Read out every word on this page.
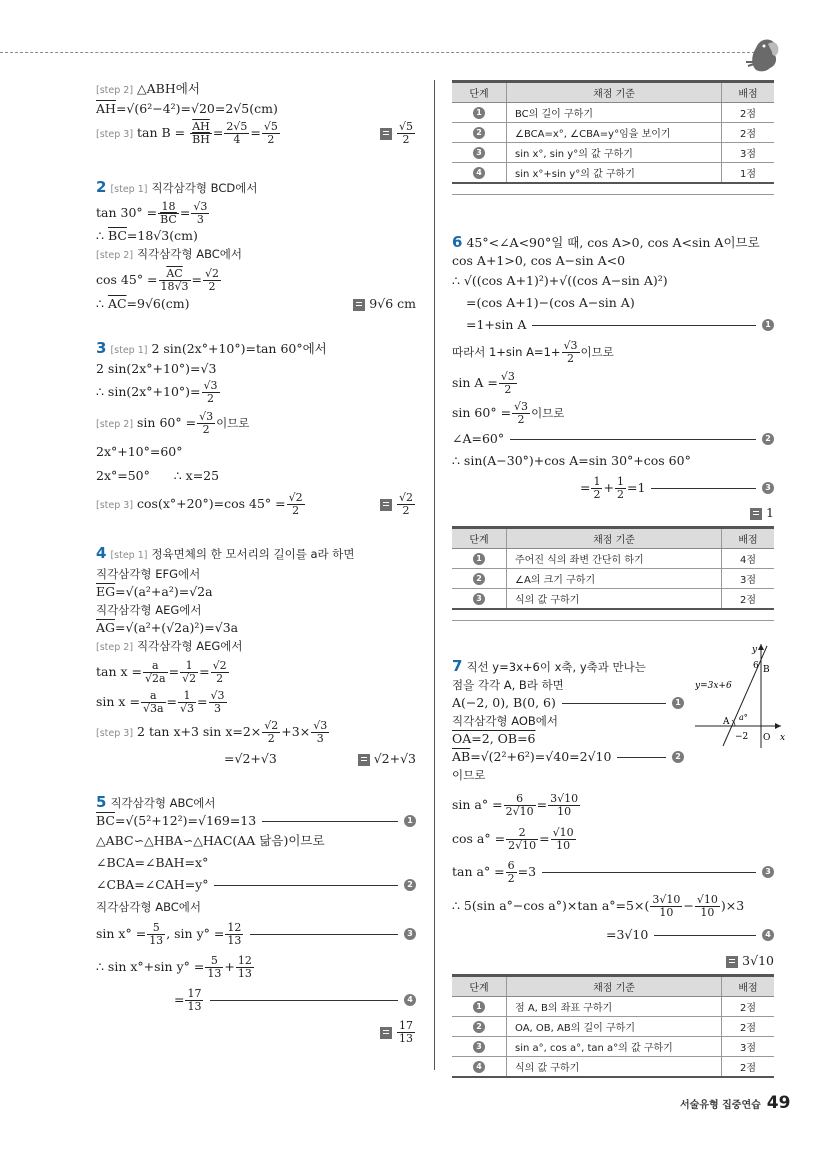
[step 2] △ABH에서
$\overline{AH}=√(6^2-4^2)=√20=2√5(cm)$
[step 3] $\tan B = \frac{\overline{AH}}{BH} = \frac{2√5}{4} = \frac{√5}{2}$	$\frac{√5}{2}$
2 [step 1] 직각삼각형 BCD에서
$\tan 30^\circ = \frac{18}{BC} = \frac{√3}{3}$
∴ $\overline{BC}=18√3(cm)$
[step 2] 직각삼각형 ABC에서
$\cos 45^\circ = \frac{\overline{AC}}{18√3} = \frac{√2}{2}$
∴ $\overline{AC}=9√6(cm)$	9√6 cm
3 [step 1] 2 sin(2x°+10°)=tan 60°에서
2 sin(2x°+10°)=√3
∴ $\sin(2x^\circ+10^\circ)= \frac{√3}{2}$
[step 2] $\sin 60^\circ = \frac{√3}{2}$ 이므로
2x°+10°=60°
2x°=50°      ∴ x=25
[step 3] cos(x°+20°)=cos $45^\circ = \frac{√2}{2}$	$\frac{√2}{2}$
4 [step 1] 정육면체의 한 모서리의 길이를 a라 하면
직각삼각형 EFG에서
$\overline{EG}=√(a^2+a^2)=√2a$
직각삼각형 AEG에서
$\overline{AG}=√(a^2+(√2a)^2)=√3a$
[step 2] 직각삼각형 AEG에서
$\tan x = \frac{a}{√2a} = \frac{1}{√2} = \frac{√2}{2}$
$\sin x = \frac{a}{√3a} = \frac{1}{√3} = \frac{√3}{3}$
[step 3] 2 tan x+3 $\sin x=2\times \frac{√2}{2} +3\times \frac{√3}{3}$
=√2+√3	√2+√3
5 직각삼각형 ABC에서
$\overline{BC}=√(5^2+12^2)=√169=13$	1
△ABC∽△HBA∽△HAC(AA 닮음)이므로
∠BCA=∠BAH=x°
∠CBA=∠CAH=y°	2
직각삼각형 ABC에서
$\sin x^\circ = \frac{5}{13}$ , $\sin y^\circ = \frac{12}{13}$	3
∴ sin x°+sin $y^\circ = \frac{5}{13} + \frac{12}{13}$
= $\frac{17}{13}$	4
$\frac{17}{13}$
단계	채점 기준	배점
1	BC의 길이 구하기	2점
2	∠BCA=x°, ∠CBA=y°임을 보이기	2점
3	sin x°, sin y°의 값 구하기	3점
4	sin x°+sin y°의 값 구하기	1점
6 45°<∠A<90°일 때, cos A>0, cos A<sin A이므로
cos A+1>0, cos A−sin A<0
∴ √((cos A+1)²)+√((cos A−sin A)²)
=(cos A+1)−(cos A−sin A)
=1+sin A	1
따라서 1+sin $A=1+ \frac{√3}{2}$ 이므로
$\sin A = \frac{√3}{2}$
$\sin 60^\circ = \frac{√3}{2}$ 이므로
∠A=60°	2
∴ sin(A−30°)+cos A=sin 30°+cos 60°
= $\frac{1}{2} + \frac{1}{2} =1$	3
1
단계	채점 기준	배점
1	주어진 식의 좌변 간단히 하기	4점
2	∠A의 크기 구하기	3점
3	식의 값 구하기	2점
7 직선 y=3x+6이 x축, y축과 만나는
점을 각각 A, B라 하면
A(−2, 0), B(0, 6)	1
직각삼각형 AOB에서
OA=2, OB=6
$\overline{AB}=√(2^2+6^2)=√40=2√10$	2
이므로
$\sin a^\circ = \frac{6}{2√10} = \frac{3√10}{10}$
$\cos a^\circ = \frac{2}{2√10} = \frac{√10}{10}$
$\tan a^\circ = \frac{6}{2} =3$	3
∴ 5(sin a°−cos a°)×tan $a^\circ=5\times( \frac{3√10}{10} - \frac{√10}{10} )\times 3$
=3√10	4
3√10
단계	채점 기준	배점
1	점 A, B의 좌표 구하기	2점
2	OA, OB, AB의 길이 구하기	2점
3	sin a°, cos a°, tan a°의 값 구하기	3점
4	식의 값 구하기	2점
y
x
O
B
6
A
−2
a°
y=3x+6
서술유형 집중연습 49
